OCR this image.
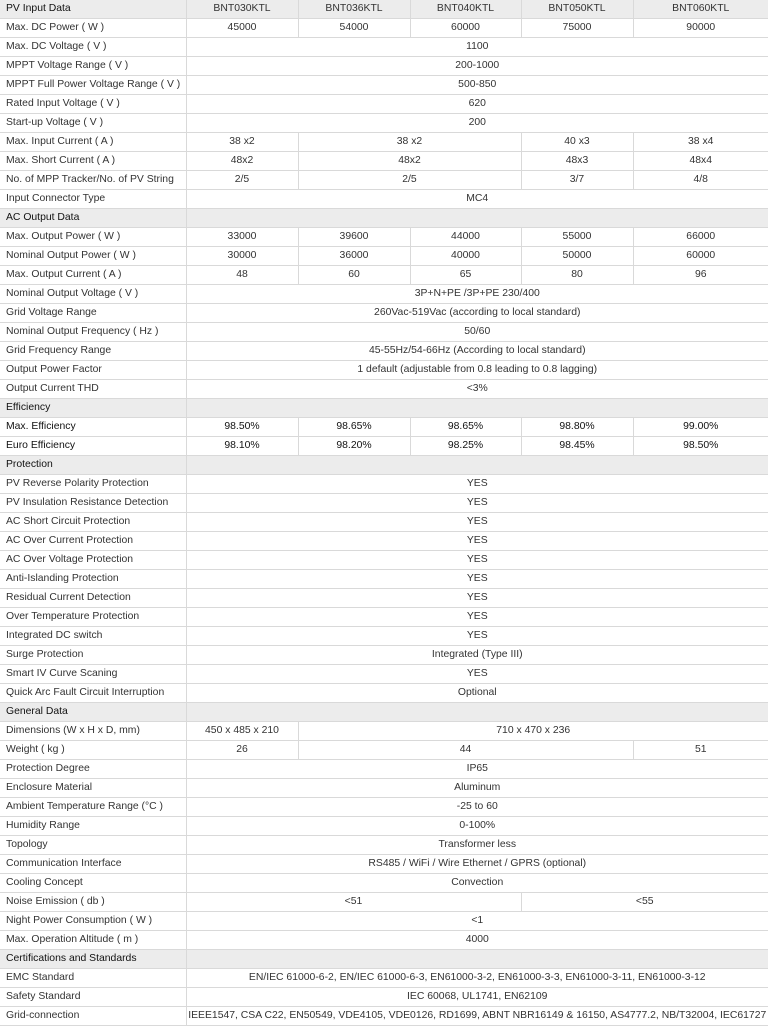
PV Input Data	BNT030KTL	BNT036KTL	BNT040KTL	BNT050KTL	BNT060KTL
Max. DC Power ( W )	45000	54000	60000	75000	90000
Max. DC Voltage ( V )	1100				
MPPT Voltage Range ( V )	200-1000				
MPPT Full Power Voltage Range ( V )	500-850				
Rated Input Voltage ( V )	620				
Start-up Voltage ( V )	200				
Max. Input Current ( A )	38 x2	38 x2		40 x3	38 x4
Max. Short Current ( A )	48x2	48x2		48x3	48x4
No. of MPP Tracker/No. of PV String	2/5	2/5		3/7	4/8
Input Connector Type	MC4				
AC Output Data					
Max. Output Power ( W )	33000	39600	44000	55000	66000
Nominal Output Power ( W )	30000	36000	40000	50000	60000
Max. Output Current ( A )	48	60	65	80	96
Nominal Output Voltage ( V )	3P+N+PE /3P+PE 230/400				
Grid Voltage Range	260Vac-519Vac (according to local standard)				
Nominal Output Frequency ( Hz )	50/60				
Grid Frequency Range	45-55Hz/54-66Hz (According to local standard)				
Output Power Factor	1 default (adjustable from 0.8 leading to 0.8 lagging)				
Output Current THD	<3%				
Efficiency					
Max. Efficiency	98.50%	98.65%	98.65%	98.80%	99.00%
Euro Efficiency	98.10%	98.20%	98.25%	98.45%	98.50%
Protection					
PV Reverse Polarity Protection	YES				
PV Insulation Resistance Detection	YES				
AC Short Circuit Protection	YES				
AC Over Current Protection	YES				
AC Over Voltage Protection	YES				
Anti-Islanding Protection	YES				
Residual Current Detection	YES				
Over Temperature Protection	YES				
Integrated DC switch	YES				
Surge Protection	Integrated (Type III)				
Smart IV Curve Scaning	YES				
Quick Arc Fault Circuit Interruption	Optional				
General Data					
Dimensions (W x H x D, mm)	450 x 485 x 210	710 x 470 x 236			
Weight ( kg )	26	44			51
Protection Degree	IP65				
Enclosure Material	Aluminum				
Ambient Temperature Range (°C )	-25 to 60				
Humidity Range	0-100%				
Topology	Transformer less				
Communication Interface	RS485 / WiFi / Wire Ethernet / GPRS (optional)				
Cooling Concept	Convection				
Noise Emission ( db )	<51			<55	
Night Power Consumption ( W )	<1				
Max. Operation Altitude ( m )	4000				
Certifications and Standards					
EMC Standard	EN/IEC 61000-6-2, EN/IEC 61000-6-3, EN61000-3-2, EN61000-3-3, EN61000-3-11, EN61000-3-12				
Safety Standard	IEC 60068, UL1741, EN62109				
Grid-connection	IEEE1547, CSA C22, EN50549, VDE4105, VDE0126, RD1699, ABNT NBR16149 & 16150, AS4777.2, NB/T32004, IEC61727				
